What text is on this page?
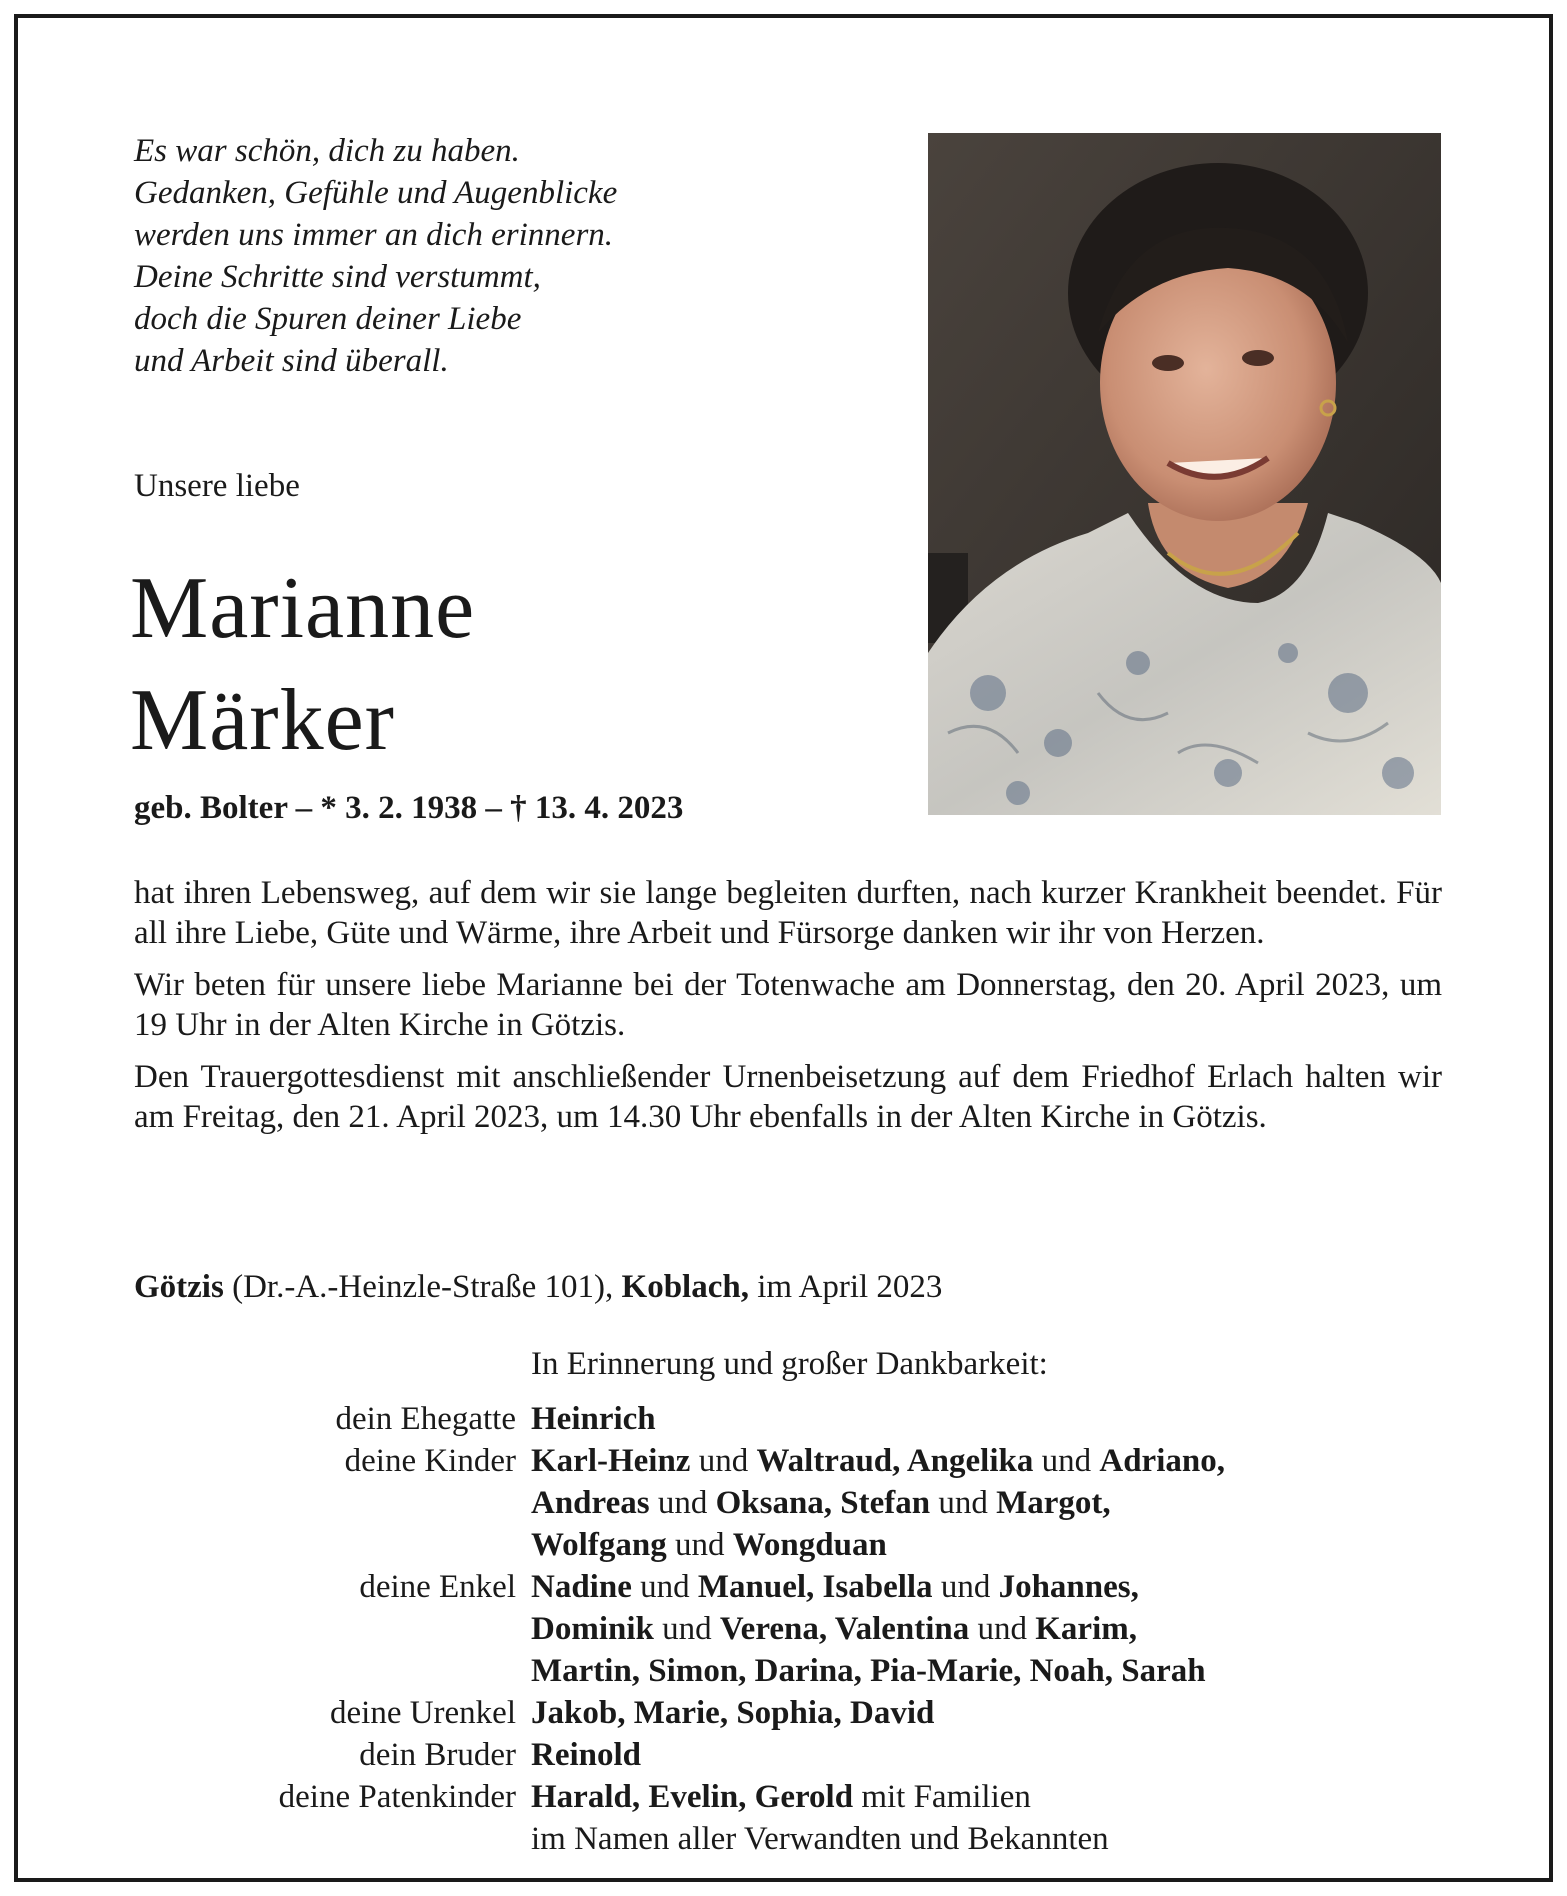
Es war schön, dich zu haben.
Gedanken, Gefühle und Augenblicke
werden uns immer an dich erinnern.
Deine Schritte sind verstummt,
doch die Spuren deiner Liebe
und Arbeit sind überall.
Unsere liebe
Marianne
Märker
geb. Bolter – * 3. 2. 1938 – † 13. 4. 2023

hat ihren Lebensweg, auf dem wir sie lange begleiten durften, nach kurzer Krankheit beendet. Für all ihre Liebe, Güte und Wärme, ihre Arbeit und Fürsorge danken wir ihr von Herzen.

Wir beten für unsere liebe Marianne bei der Totenwache am Donnerstag, den 20. April 2023, um 19 Uhr in der Alten Kirche in Götzis.

Den Trauergottesdienst mit anschließender Urnenbeisetzung auf dem Friedhof Erlach halten wir am Freitag, den 21. April 2023, um 14.30 Uhr ebenfalls in der Alten Kirche in Götzis.

Götzis (Dr.-A.-Heinzle-Straße 101), Koblach, im April 2023
In Erinnerung und großer Dankbarkeit:
dein Ehegatte Heinrich
deine Kinder Karl-Heinz und Waltraud, Angelika und Adriano,
Andreas und Oksana, Stefan und Margot,
Wolfgang und Wongduan
deine Enkel Nadine und Manuel, Isabella und Johannes,
Dominik und Verena, Valentina und Karim,
Martin, Simon, Darina, Pia-Marie, Noah, Sarah
deine Urenkel Jakob, Marie, Sophia, David
dein Bruder Reinold
deine Patenkinder Harald, Evelin, Gerold mit Familien
im Namen aller Verwandten und Bekannten
